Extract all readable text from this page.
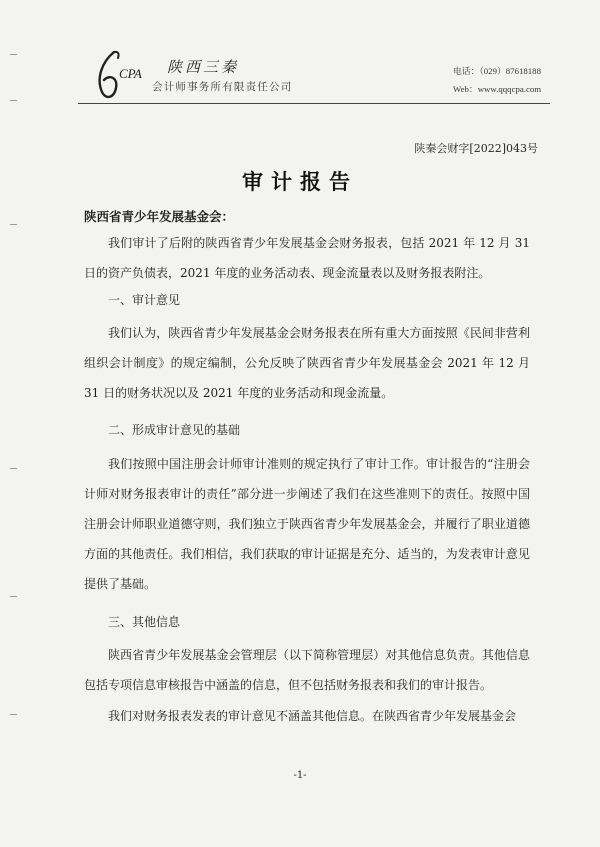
CPA 陕西三秦
会计师事务所有限责任公司
电话：（029）87618188
Web：www.qqqcpa.com
陕秦会财字[2022]043号
审计报告
陕西省青少年发展基金会：
我们审计了后附的陕西省青少年发展基金会财务报表，包括 2021 年 12 月 31 日的资产负债表，2021 年度的业务活动表、现金流量表以及财务报表附注。
一、审计意见
我们认为，陕西省青少年发展基金会财务报表在所有重大方面按照《民间非营利组织会计制度》的规定编制，公允反映了陕西省青少年发展基金会 2021 年 12 月 31 日的财务状况以及 2021 年度的业务活动和现金流量。
二、形成审计意见的基础
我们按照中国注册会计师审计准则的规定执行了审计工作。审计报告的“注册会计师对财务报表审计的责任”部分进一步阐述了我们在这些准则下的责任。按照中国注册会计师职业道德守则，我们独立于陕西省青少年发展基金会，并履行了职业道德方面的其他责任。我们相信，我们获取的审计证据是充分、适当的，为发表审计意见提供了基础。
三、其他信息
陕西省青少年发展基金会管理层（以下简称管理层）对其他信息负责。其他信息包括专项信息审核报告中涵盖的信息，但不包括财务报表和我们的审计报告。
我们对财务报表发表的审计意见不涵盖其他信息。在陕西省青少年发展基金会
-1-
